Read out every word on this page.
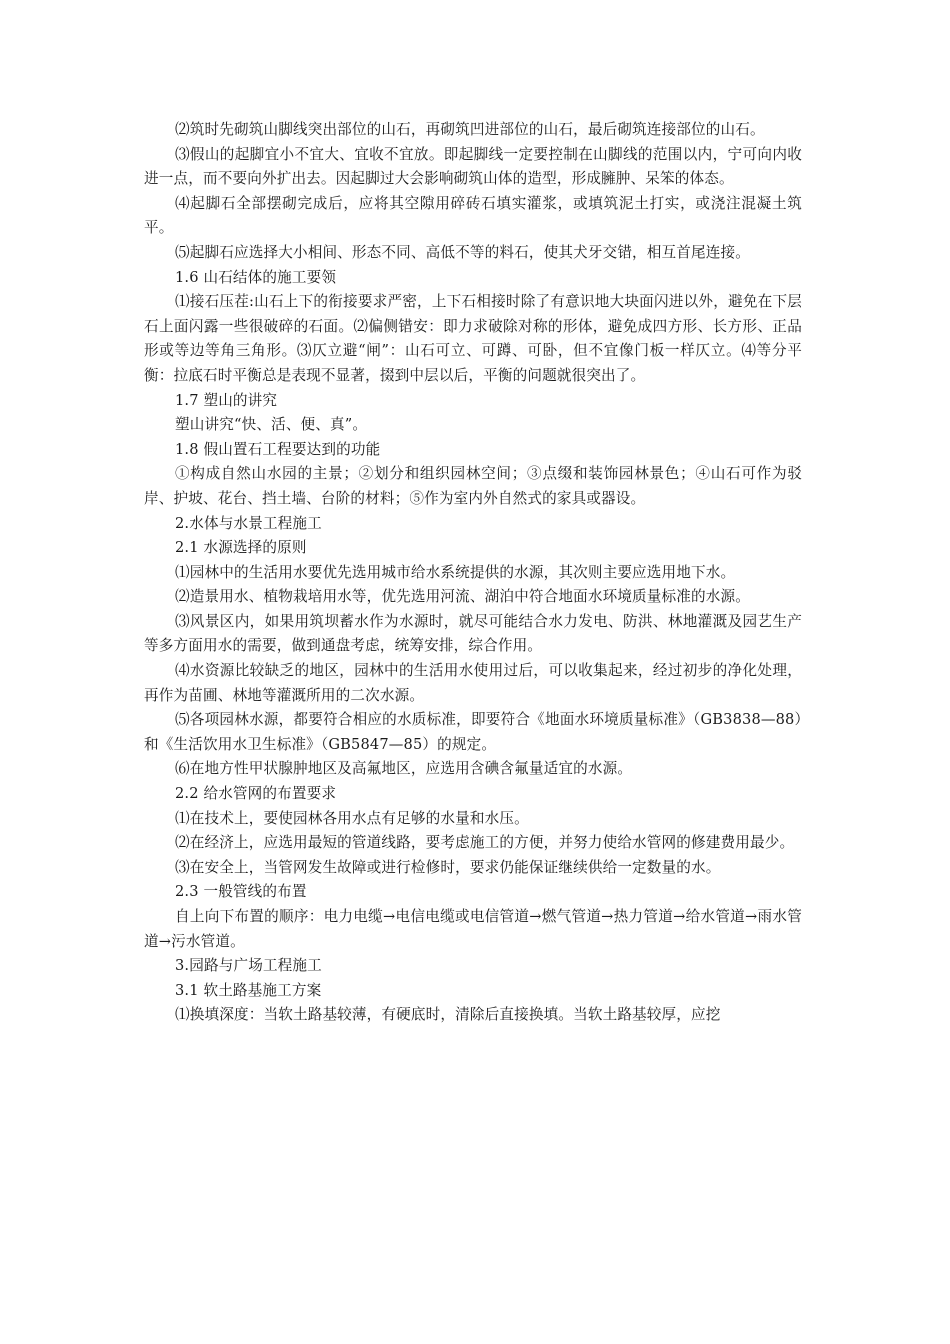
⑵筑时先砌筑山脚线突出部位的山石，再砌筑凹进部位的山石，最后砌筑连接部位的山石。

⑶假山的起脚宜小不宜大、宜收不宜放。即起脚线一定要控制在山脚线的范围以内，宁可向内收进一点，而不要向外扩出去。因起脚过大会影响砌筑山体的造型，形成臃肿、呆笨的体态。

⑷起脚石全部摆砌完成后，应将其空隙用碎砖石填实灌浆，或填筑泥土打实，或浇注混凝土筑平。

⑸起脚石应选择大小相间、形态不同、高低不等的料石，使其犬牙交错，相互首尾连接。

1.6 山石结体的施工要领

⑴接石压茬:山石上下的衔接要求严密，上下石相接时除了有意识地大块面闪进以外，避免在下层石上面闪露一些很破碎的石面。⑵偏侧错安：即力求破除对称的形体，避免成四方形、长方形、正品形或等边等角三角形。⑶仄立避“闸”：山石可立、可蹲、可卧，但不宜像门板一样仄立。⑷等分平衡：拉底石时平衡总是表现不显著，掇到中层以后，平衡的问题就很突出了。

1.7 塑山的讲究

塑山讲究“快、活、便、真”。

1.8 假山置石工程要达到的功能

①构成自然山水园的主景；②划分和组织园林空间；③点缀和装饰园林景色；④山石可作为驳岸、护坡、花台、挡土墙、台阶的材料；⑤作为室内外自然式的家具或器设。

2.水体与水景工程施工

2.1 水源选择的原则

⑴园林中的生活用水要优先选用城市给水系统提供的水源，其次则主要应选用地下水。

⑵造景用水、植物栽培用水等，优先选用河流、湖泊中符合地面水环境质量标准的水源。

⑶风景区内，如果用筑坝蓄水作为水源时，就尽可能结合水力发电、防洪、林地灌溉及园艺生产等多方面用水的需要，做到通盘考虑，统筹安排，综合作用。

⑷水资源比较缺乏的地区，园林中的生活用水使用过后，可以收集起来，经过初步的净化处理，再作为苗圃、林地等灌溉所用的二次水源。

⑸各项园林水源，都要符合相应的水质标准，即要符合《地面水环境质量标准》（GB3838—88）和《生活饮用水卫生标准》（GB5847—85）的规定。

⑹在地方性甲状腺肿地区及高氟地区，应选用含碘含氟量适宜的水源。

2.2 给水管网的布置要求

⑴在技术上，要使园林各用水点有足够的水量和水压。

⑵在经济上，应选用最短的管道线路，要考虑施工的方便，并努力使给水管网的修建费用最少。

⑶在安全上，当管网发生故障或进行检修时，要求仍能保证继续供给一定数量的水。

2.3 一般管线的布置

自上向下布置的顺序：电力电缆→电信电缆或电信管道→燃气管道→热力管道→给水管道→雨水管道→污水管道。

3.园路与广场工程施工

3.1 软土路基施工方案

⑴换填深度：当软土路基较薄，有硬底时，清除后直接换填。当软土路基较厚，应挖
